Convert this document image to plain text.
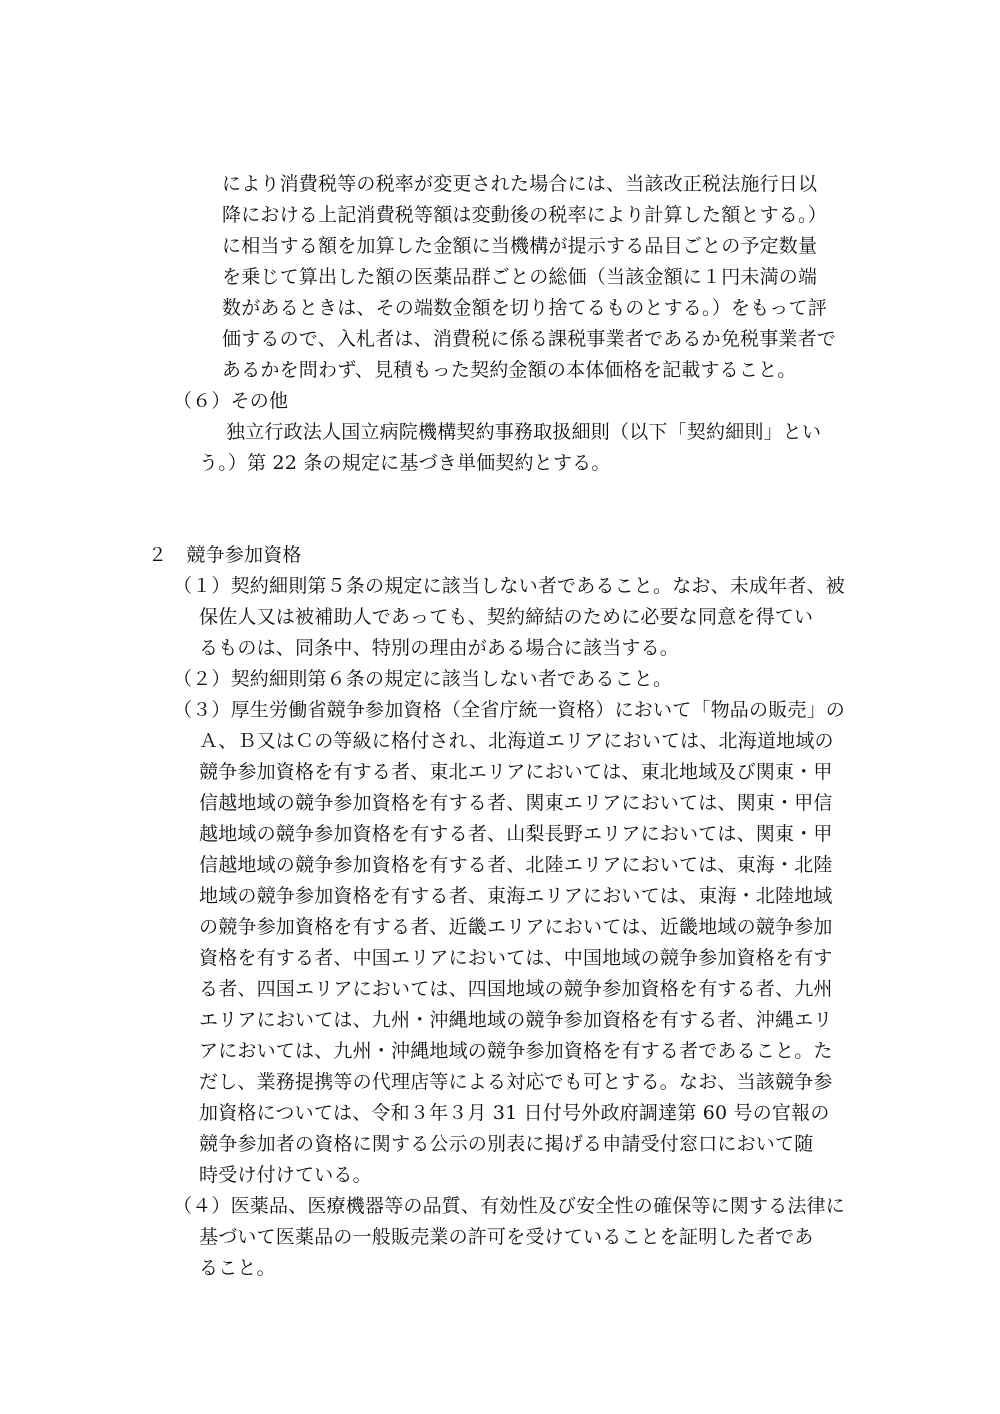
により消費税等の税率が変更された場合には、当該改正税法施行日以
降における上記消費税等額は変動後の税率により計算した額とする。）
に相当する額を加算した金額に当機構が提示する品目ごとの予定数量
を乗じて算出した額の医薬品群ごとの総価（当該金額に１円未満の端
数があるときは、その端数金額を切り捨てるものとする。）をもって評
価するので、入札者は、消費税に係る課税事業者であるか免税事業者で
あるかを問わず、見積もった契約金額の本体価格を記載すること。
（６）その他
独立行政法人国立病院機構契約事務取扱細則（以下「契約細則」とい
う。）第 22 条の規定に基づき単価契約とする。
２　競争参加資格
（１）契約細則第５条の規定に該当しない者であること。なお、未成年者、被
保佐人又は被補助人であっても、契約締結のために必要な同意を得てい
るものは、同条中、特別の理由がある場合に該当する。
（２）契約細則第６条の規定に該当しない者であること。
（３）厚生労働省競争参加資格（全省庁統一資格）において「物品の販売」の
Ａ、Ｂ又はＣの等級に格付され、北海道エリアにおいては、北海道地域の
競争参加資格を有する者、東北エリアにおいては、東北地域及び関東・甲
信越地域の競争参加資格を有する者、関東エリアにおいては、関東・甲信
越地域の競争参加資格を有する者、山梨長野エリアにおいては、関東・甲
信越地域の競争参加資格を有する者、北陸エリアにおいては、東海・北陸
地域の競争参加資格を有する者、東海エリアにおいては、東海・北陸地域
の競争参加資格を有する者、近畿エリアにおいては、近畿地域の競争参加
資格を有する者、中国エリアにおいては、中国地域の競争参加資格を有す
る者、四国エリアにおいては、四国地域の競争参加資格を有する者、九州
エリアにおいては、九州・沖縄地域の競争参加資格を有する者、沖縄エリ
アにおいては、九州・沖縄地域の競争参加資格を有する者であること。た
だし、業務提携等の代理店等による対応でも可とする。なお、当該競争参
加資格については、令和３年３月 31 日付号外政府調達第 60 号の官報の
競争参加者の資格に関する公示の別表に掲げる申請受付窓口において随
時受け付けている。
（４）医薬品、医療機器等の品質、有効性及び安全性の確保等に関する法律に
基づいて医薬品の一般販売業の許可を受けていることを証明した者であ
ること。
